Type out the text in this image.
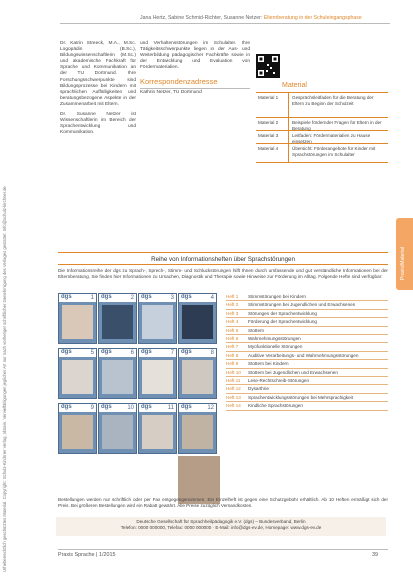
Urheberrechtlich geschütztes Material. Copyright: Schulz-Kirchner Verlag, Idstein. Vervielfältigungen jeglicher Art nur nach vorheriger schriftlicher Genehmigung des Verlages gestattet. Info@schulz-kirchner.de
Jana Hertz, Sabine Schmid-Richter, Susanne Netzer: Elternberatung in der Schuleingangsphase
Dr. Katrin Streeck, M.A., M.Sc. Logopädin (B.Sc.), Bildungswissenschaftlerin (M.Sc.) und akademische Fachkraft für Sprache und Kommunikation an der TU Dortmund. Ihre Forschungsschwerpunkte sind Bildungsprozesse bei Kindern mit sprachlichen Auffälligkeiten und beratungsbezogene Aspekte in der Zusammenarbeit mit Eltern.
Dr. Susanne Netzer ist Wissenschaftlerin im Bereich der Sprachentwicklung und Kommunikation.
und Verhaltensstörungen im Schulalter. Ihre Tätigkeitsschwerpunkte liegen in der Aus- und Weiterbildung pädagogischer Fachkräfte sowie in der Entwicklung und Evaluation von Fördermaterialien.
Korrespondenzadresse
Kathrin Netzer, TU Dortmund
Material
Material 1	Gesprächsleitfaden für die Beratung der Eltern zu Beginn der Schulzeit
Material 2	Beispiele fördernder Fragen für Eltern in der Beratung
Material 3	Leitfaden: Fördermaterialien zu Hause einsetzen
Material 4	Übersicht: Förderangebote für Kinder mit Sprachstörungen im Schulalter
Praxis/Material
Reihe von Informationsheften über Sprachstörungen
Die Informationsreihe der dgs zu Sprach-, Sprech-, Stimm- und Schluckstörungen hilft Ihnen durch umfassende und gut verständliche Informationen bei der Elternberatung. Sie finden hier Informationen zu Ursachen, Diagnostik und Therapie sowie Hinweise zur Förderung im Alltag. Folgende Hefte sind verfügbar:
dgs	1 dgs	2 dgs	3 dgs	4
dgs	5 dgs	6 dgs	7 dgs	8
dgs	9 dgs	10 dgs	11 dgs	12
Heft 1	Stimmstörungen bei Kindern
Heft 2	Stimmstörungen bei Jugendlichen und Erwachsenen
Heft 3	Störungen der Sprachentwicklung
Heft 4	Förderung der Sprachentwicklung
Heft 5	Stottern
Heft 6	Wahrnehmungsstörungen
Heft 7	Myofunktionelle Störungen
Heft 8	Auditive Verarbeitungs- und Wahrnehmungsstörungen
Heft 9	Stottern bei Kindern
Heft 10	Stottern bei Jugendlichen und Erwachsenen
Heft 11	Lese-Rechtschreib-Störungen
Heft 12	Dysarthrie
Heft 13	Sprachentwicklungsstörungen bei Mehrsprachigkeit
Heft 14	Kindliche Sprachstörungen
Bestellungen werden nur schriftlich oder per Fax entgegengenommen. Ein Einzelheft ist gegen eine Schutzgebühr erhältlich. Ab 10 Heften ermäßigt sich der Preis. Bei größeren Bestellungen wird ein Rabatt gewährt. Alle Preise zuzüglich Versandkosten.
Deutsche Gesellschaft für Sprachheilpädagogik e.V. (dgs) – Bundesverband, Berlin
Telefon: 0000 000000, Telefax: 0000 000000 · E-Mail: info@dgs-ev.de, Homepage: www.dgs-ev.de
Praxis Sprache | 1/2015	39
